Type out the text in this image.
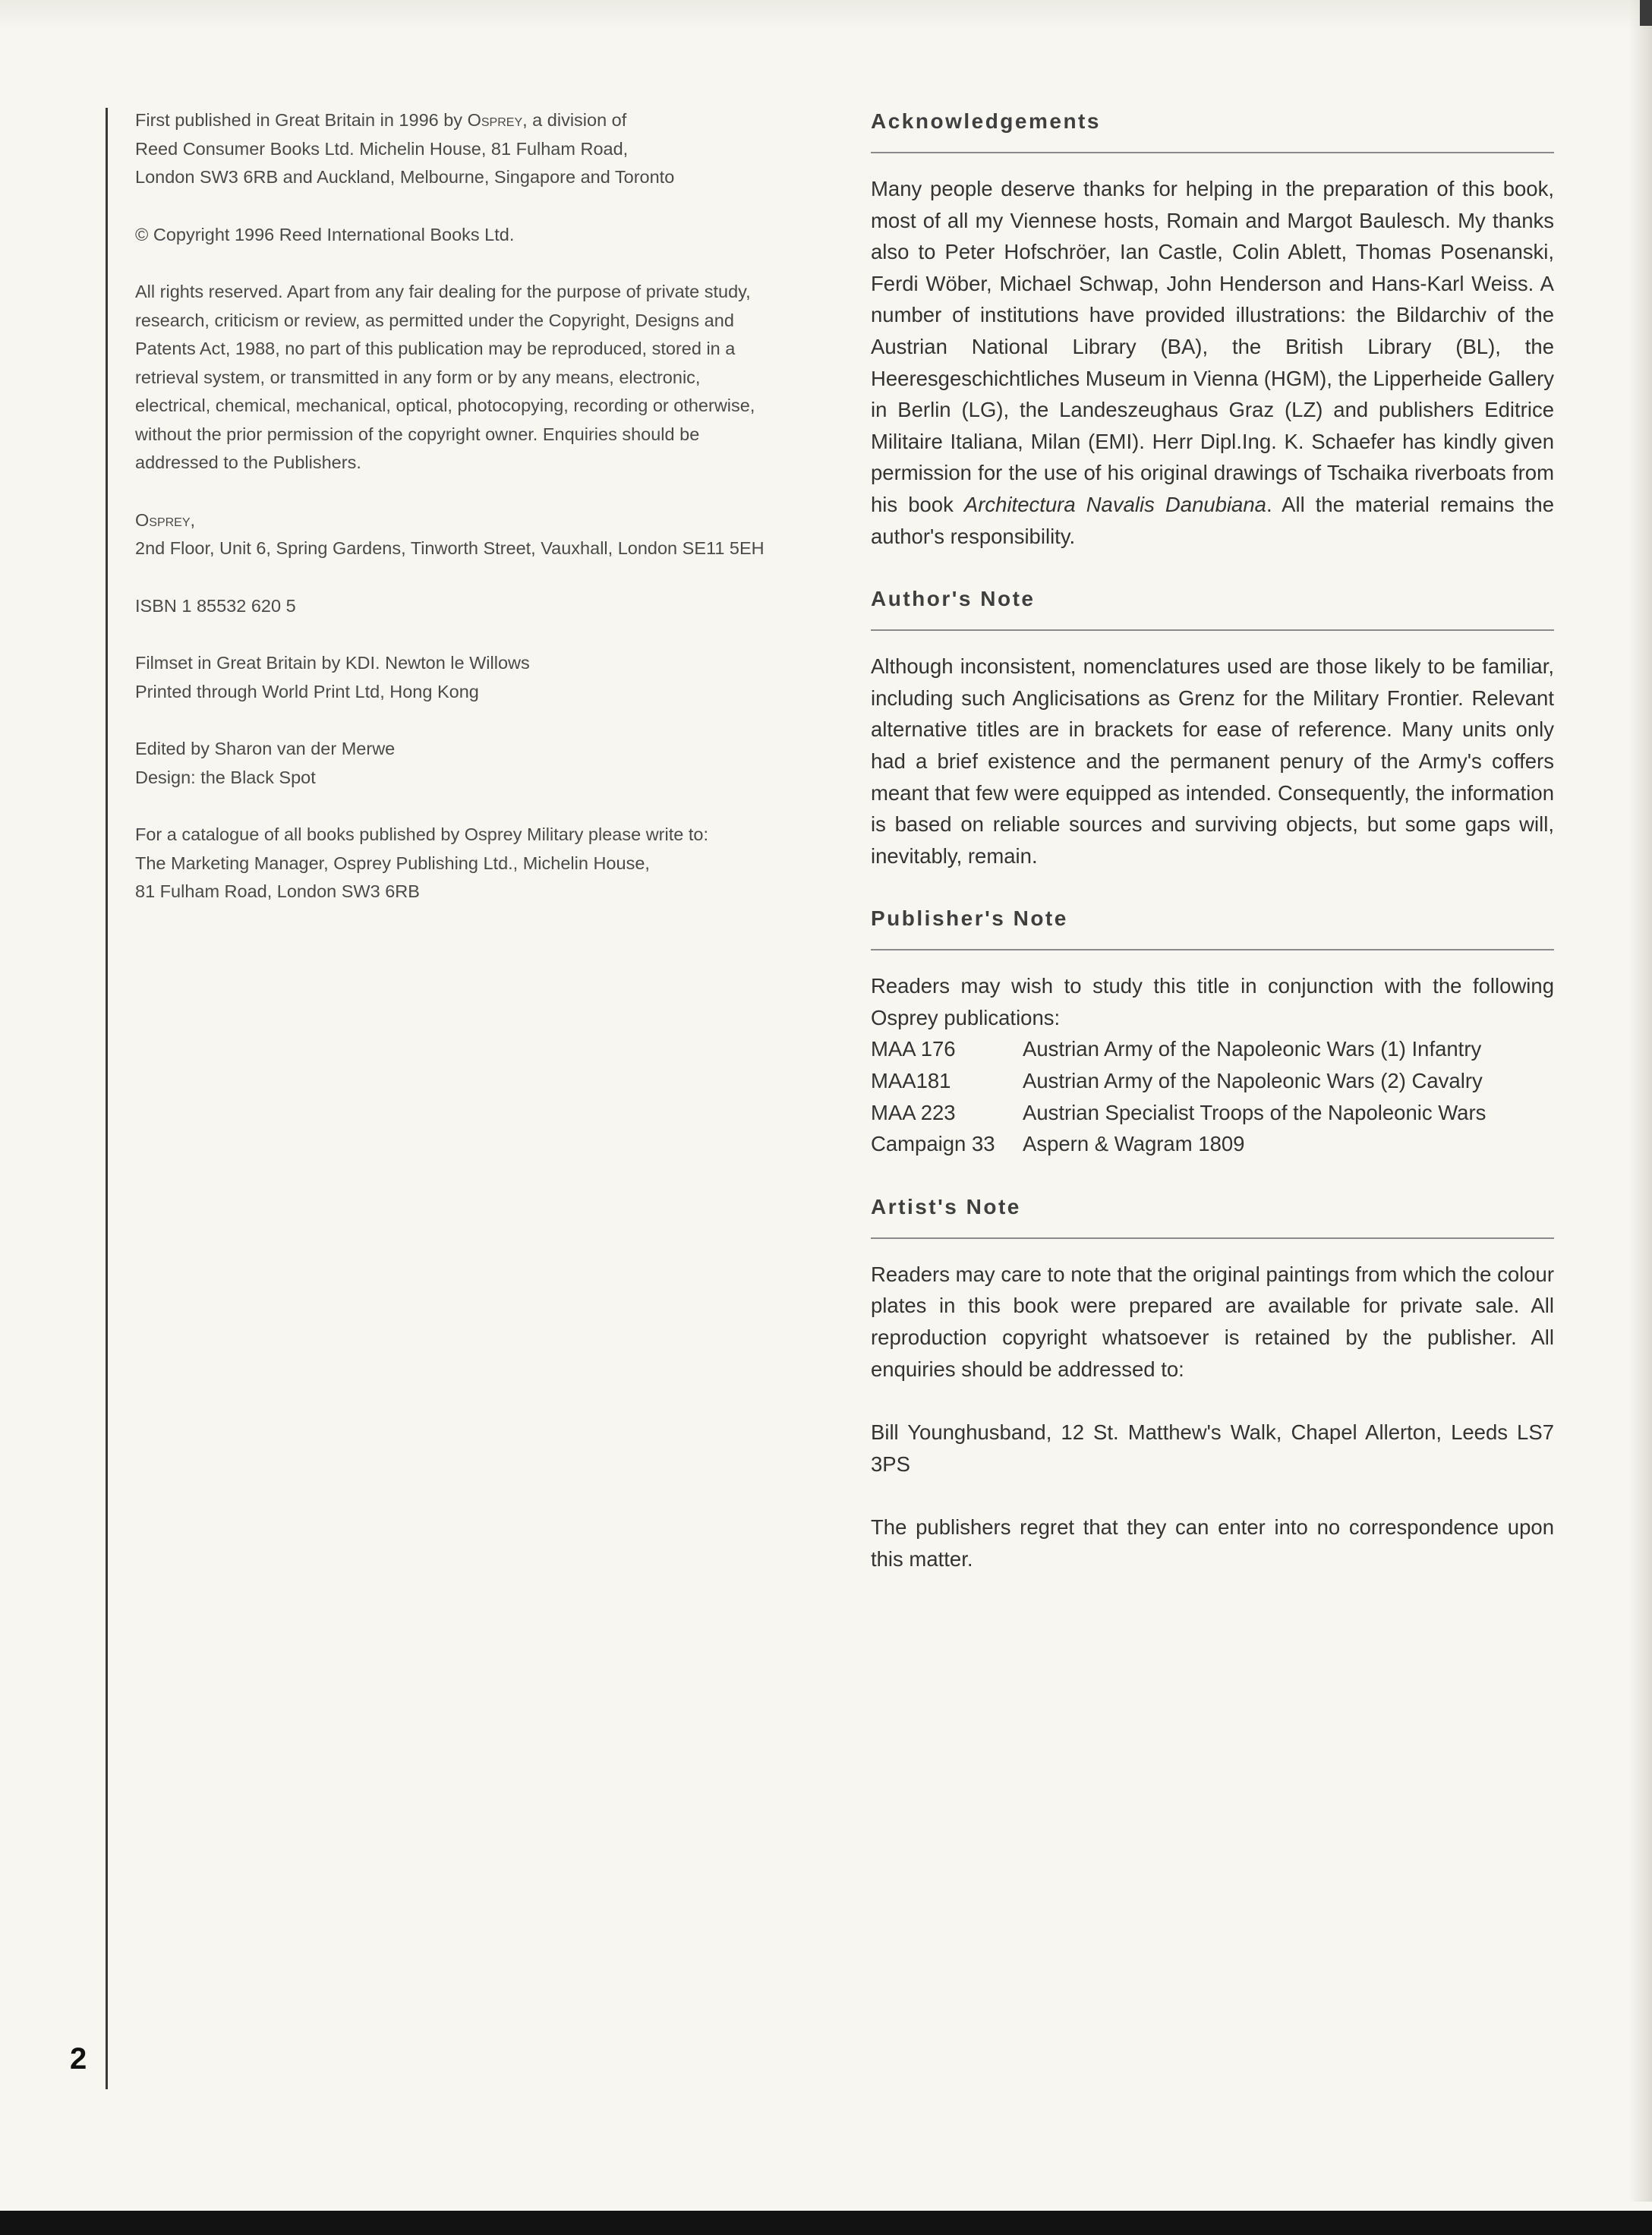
2

First published in Great Britain in 1996 by Osprey, a division of
Reed Consumer Books Ltd. Michelin House, 81 Fulham Road,
London SW3 6RB and Auckland, Melbourne, Singapore and Toronto

© Copyright 1996 Reed International Books Ltd.

All rights reserved. Apart from any fair dealing for the purpose of private study,
research, criticism or review, as permitted under the Copyright, Designs and
Patents Act, 1988, no part of this publication may be reproduced, stored in a
retrieval system, or transmitted in any form or by any means, electronic,
electrical, chemical, mechanical, optical, photocopying, recording or otherwise,
without the prior permission of the copyright owner. Enquiries should be
addressed to the Publishers.

Osprey,
2nd Floor, Unit 6, Spring Gardens, Tinworth Street, Vauxhall, London SE11 5EH

ISBN 1 85532 620 5

Filmset in Great Britain by KDI. Newton le Willows
Printed through World Print Ltd, Hong Kong

Edited by Sharon van der Merwe
Design: the Black Spot

For a catalogue of all books published by Osprey Military please write to:
The Marketing Manager, Osprey Publishing Ltd., Michelin House,
81 Fulham Road, London SW3 6RB

Acknowledgements

Many people deserve thanks for helping in the preparation of this book, most of all my Viennese hosts, Romain and Margot Baulesch. My thanks also to Peter Hofschröer, Ian Castle, Colin Ablett, Thomas Posenanski, Ferdi Wöber, Michael Schwap, John Henderson and Hans-Karl Weiss. A number of institutions have provided illustrations: the Bildarchiv of the Austrian National Library (BA), the British Library (BL), the Heeresgeschichtliches Museum in Vienna (HGM), the Lipperheide Gallery in Berlin (LG), the Landeszeughaus Graz (LZ) and publishers Editrice Militaire Italiana, Milan (EMI). Herr Dipl.Ing. K. Schaefer has kindly given permission for the use of his original drawings of Tschaika riverboats from his book Architectura Navalis Danubiana. All the material remains the author's responsibility.

Author's Note

Although inconsistent, nomenclatures used are those likely to be familiar, including such Anglicisations as Grenz for the Military Frontier. Relevant alternative titles are in brackets for ease of reference. Many units only had a brief existence and the permanent penury of the Army's coffers meant that few were equipped as intended. Consequently, the information is based on reliable sources and surviving objects, but some gaps will, inevitably, remain.

Publisher's Note

Readers may wish to study this title in conjunction with the following Osprey publications:

MAA 176	Austrian Army of the Napoleonic Wars (1) Infantry
MAA181	Austrian Army of the Napoleonic Wars (2) Cavalry
MAA 223	Austrian Specialist Troops of the Napoleonic Wars
Campaign 33	Aspern & Wagram 1809
Artist's Note

Readers may care to note that the original paintings from which the colour plates in this book were prepared are available for private sale. All reproduction copyright whatsoever is retained by the publisher. All enquiries should be addressed to:

Bill Younghusband, 12 St. Matthew's Walk, Chapel Allerton, Leeds LS7 3PS

The publishers regret that they can enter into no correspondence upon this matter.
